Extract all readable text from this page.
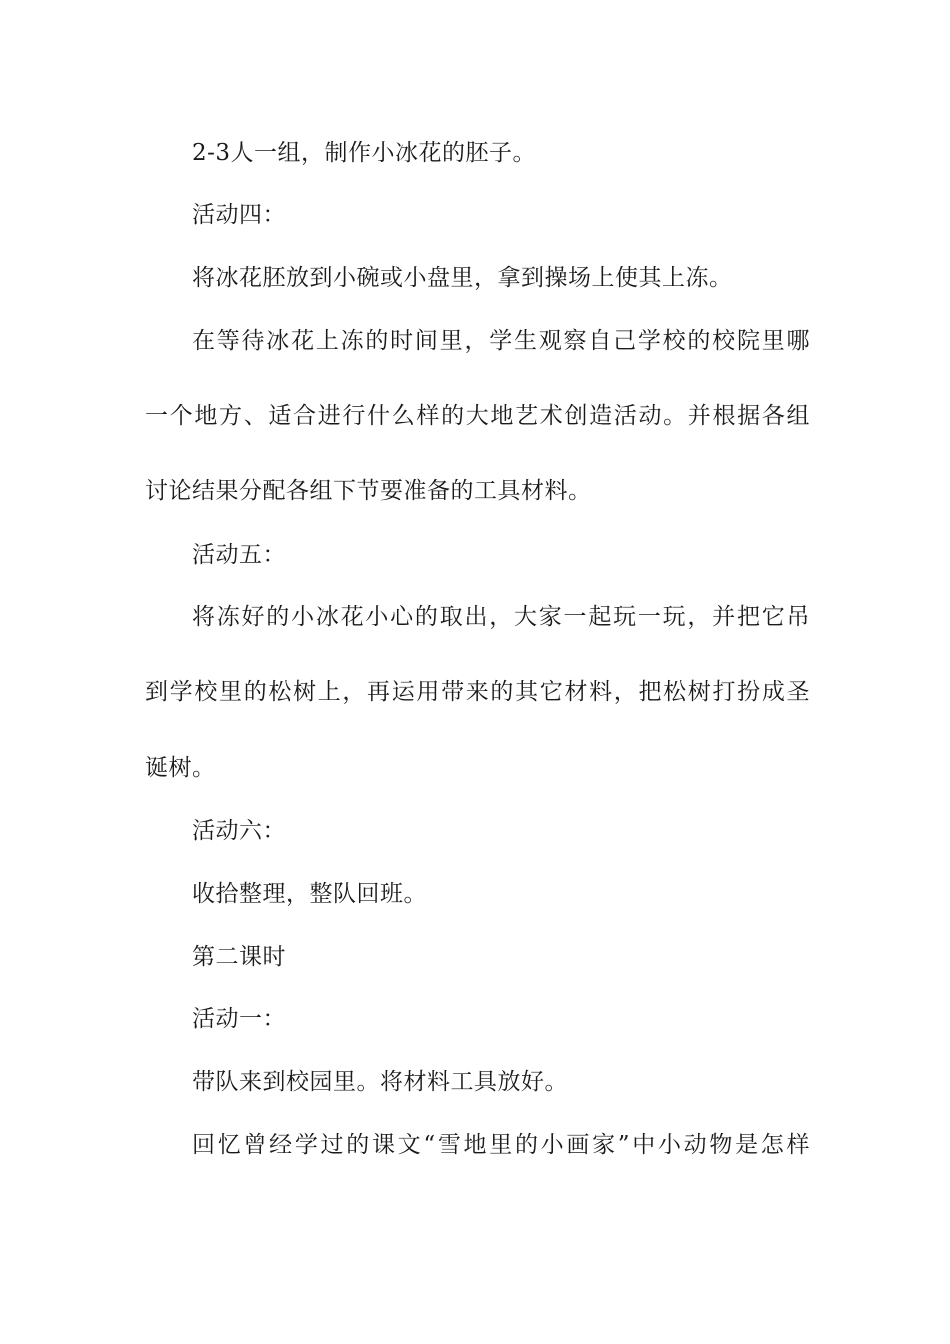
2-3人一组，制作小冰花的胚子。
活动四：
将冰花胚放到小碗或小盘里，拿到操场上使其上冻。
在等待冰花上冻的时间里，学生观察自己学校的校院里哪
一个地方、适合进行什么样的大地艺术创造活动。并根据各组
讨论结果分配各组下节要准备的工具材料。
活动五：
将冻好的小冰花小心的取出，大家一起玩一玩，并把它吊
到学校里的松树上，再运用带来的其它材料，把松树打扮成圣
诞树。
活动六：
收拾整理，整队回班。
第二课时
活动一：
带队来到校园里。将材料工具放好。
回忆曾经学过的课文“雪地里的小画家”中小动物是怎样
